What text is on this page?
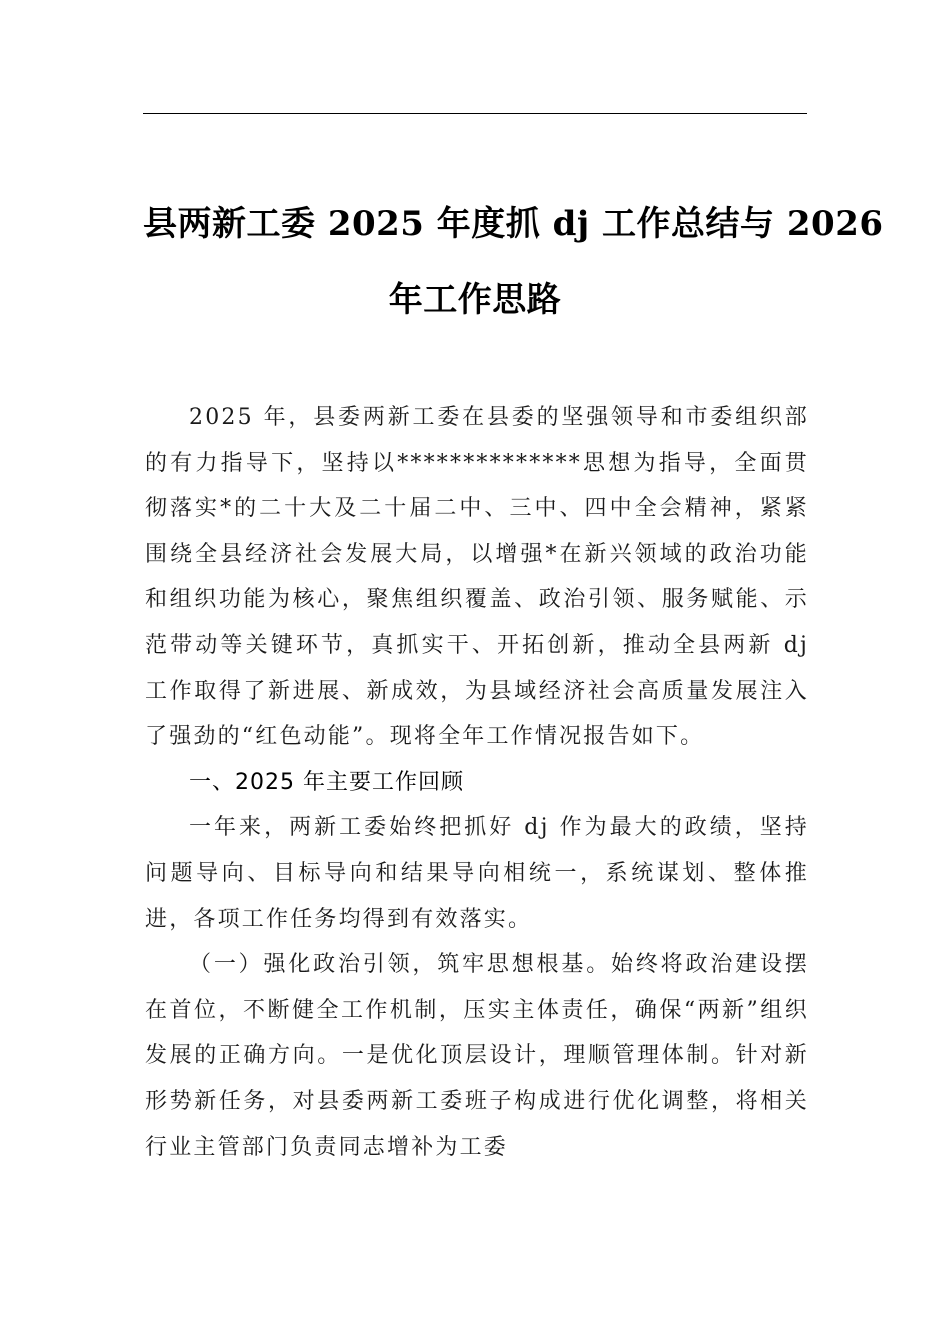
县两新工委 2025 年度抓 dj 工作总结与 2026
年工作思路

2025 年，县委两新工委在县委的坚强领导和市委组织部的有力指导下，坚持以**************思想为指导，全面贯彻落实*的二十大及二十届二中、三中、四中全会精神，紧紧围绕全县经济社会发展大局，以增强*在新兴领域的政治功能和组织功能为核心，聚焦组织覆盖、政治引领、服务赋能、示范带动等关键环节，真抓实干、开拓创新，推动全县两新 dj 工作取得了新进展、新成效，为县域经济社会高质量发展注入了强劲的“红色动能”。现将全年工作情况报告如下。

一、2025 年主要工作回顾

一年来，两新工委始终把抓好 dj 作为最大的政绩，坚持问题导向、目标导向和结果导向相统一，系统谋划、整体推进，各项工作任务均得到有效落实。

（一）强化政治引领，筑牢思想根基。始终将政治建设摆在首位，不断健全工作机制，压实主体责任，确保“两新”组织发展的正确方向。一是优化顶层设计，理顺管理体制。针对新形势新任务，对县委两新工委班子构成进行优化调整，将相关行业主管部门负责同志增补为工委
